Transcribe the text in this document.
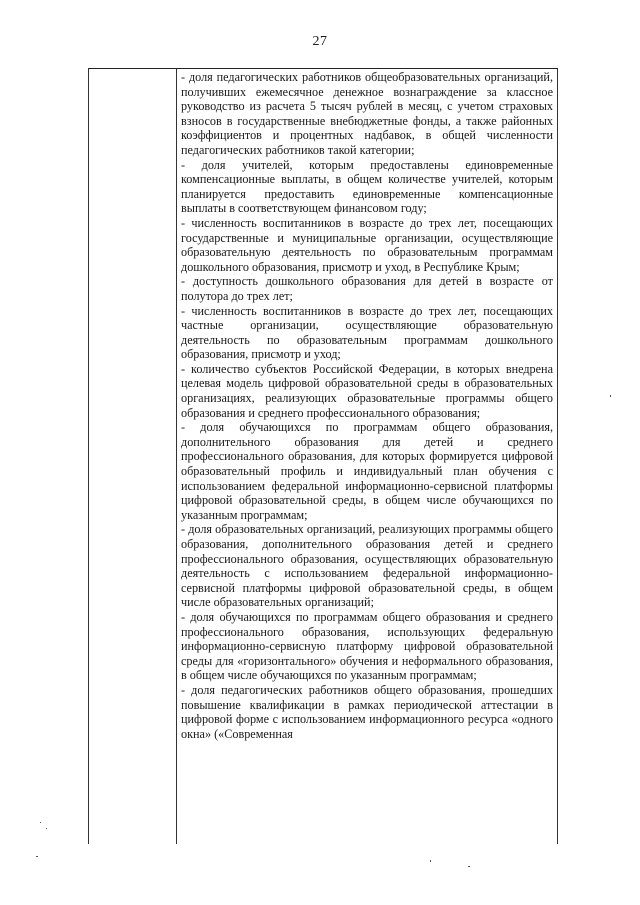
27

- доля педагогических работников общеобразовательных организаций, получивших ежемесячное денежное вознаграждение за классное руководство из расчета 5 тысяч рублей в месяц, с учетом страховых взносов в государственные внебюджетные фонды, а также районных коэффициентов и процентных надбавок, в общей численности педагогических работников такой категории;

- доля учителей, которым предоставлены единовременные компенсационные выплаты, в общем количестве учителей, которым планируется предоставить единовременные компенсационные выплаты в соответствующем финансовом году;

- численность воспитанников в возрасте до трех лет, посещающих государственные и муниципальные организации, осуществляющие образовательную деятельность по образовательным программам дошкольного образования, присмотр и уход, в Республике Крым;

- доступность дошкольного образования для детей в возрасте от полутора до трех лет;

- численность воспитанников в возрасте до трех лет, посещающих частные организации, осуществляющие образовательную деятельность по образовательным программам дошкольного образования, присмотр и уход;

- количество субъектов Российской Федерации, в которых внедрена целевая модель цифровой образовательной среды в образовательных организациях, реализующих образовательные программы общего образования и среднего профессионального образования;

- доля обучающихся по программам общего образования, дополнительного образования для детей и среднего профессионального образования, для которых формируется цифровой образовательный профиль и индивидуальный план обучения с использованием федеральной информационно-сервисной платформы цифровой образовательной среды, в общем числе обучающихся по указанным программам;

- доля образовательных организаций, реализующих программы общего образования, дополнительного образования детей и среднего профессионального образования, осуществляющих образовательную деятельность с использованием федеральной информационно-сервисной платформы цифровой образовательной среды, в общем числе образовательных организаций;

- доля обучающихся по программам общего образования и среднего профессионального образования, использующих федеральную информационно-сервисную платформу цифровой образовательной среды для «горизонтального» обучения и неформального образования, в общем числе обучающихся по указанным программам;

- доля педагогических работников общего образования, прошедших повышение квалификации в рамках периодической аттестации в цифровой форме с использованием информационного ресурса «одного окна» («Современная
